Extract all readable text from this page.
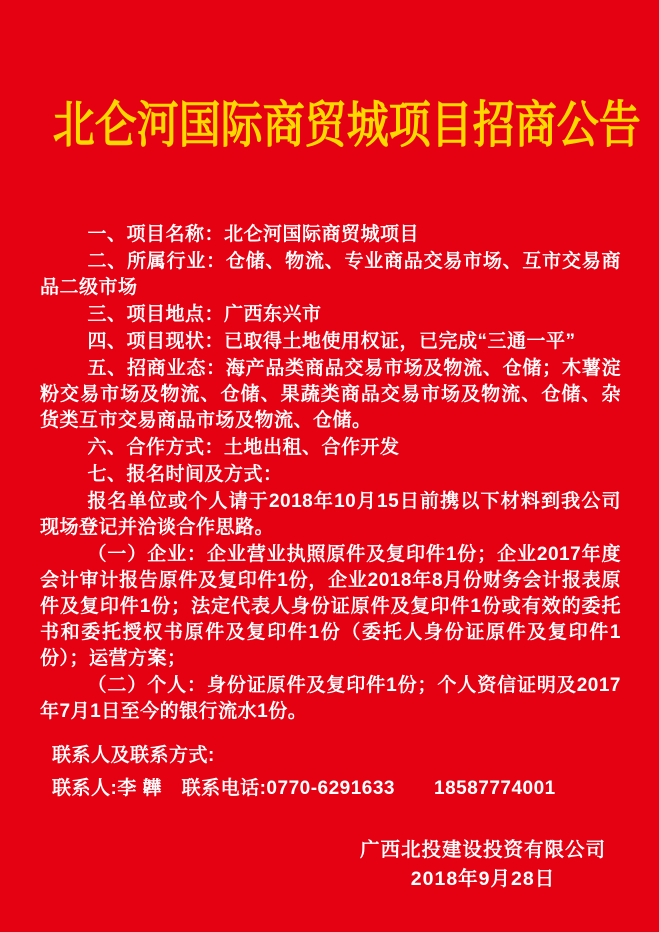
北仑河国际商贸城项目招商公告

一、项目名称：北仑河国际商贸城项目

二、所属行业：仓储、物流、专业商品交易市场、互市交易商品二级市场

三、项目地点：广西东兴市

四、项目现状：已取得土地使用权证，已完成“三通一平”

五、招商业态：海产品类商品交易市场及物流、仓储；木薯淀粉交易市场及物流、仓储、果蔬类商品交易市场及物流、仓储、杂货类互市交易商品市场及物流、仓储。

六、合作方式：土地出租、合作开发

七、报名时间及方式：

报名单位或个人请于2018年10月15日前携以下材料到我公司现场登记并洽谈合作思路。

（一）企业：企业营业执照原件及复印件1份；企业2017年度会计审计报告原件及复印件1份，企业2018年8月份财务会计报表原件及复印件1份；法定代表人身份证原件及复印件1份或有效的委托书和委托授权书原件及复印件1份（委托人身份证原件及复印件1份）；运营方案；

（二）个人：身份证原件及复印件1份；个人资信证明及2017年7月1日至今的银行流水1份。

联系人及联系方式:

联系人:李 韡　联系电话:0770-6291633　　18587774001

广西北投建设投资有限公司

2018年9月28日
